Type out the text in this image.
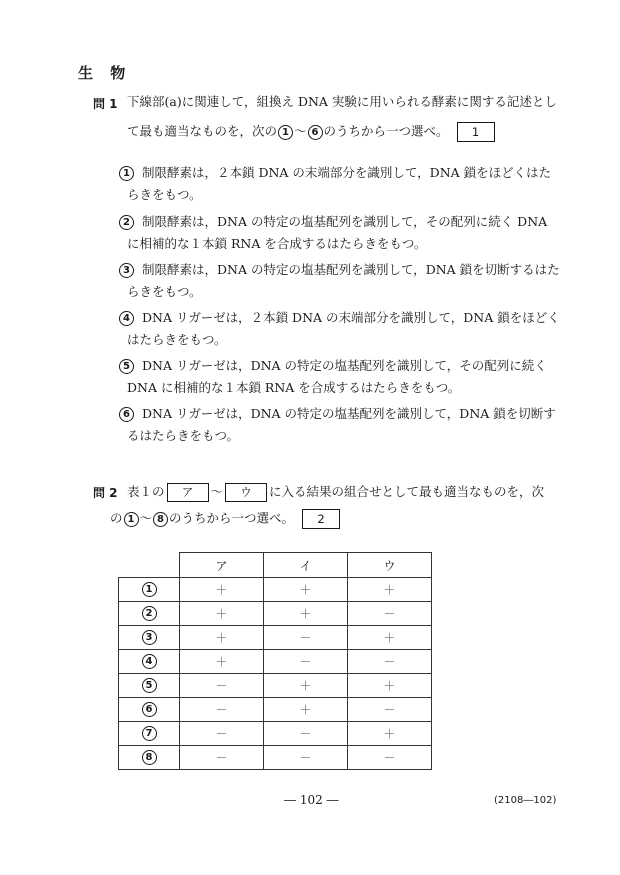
生 物
問 1 下線部(a)に関連して，組換え DNA 実験に用いられる酵素に関する記述とし
て最も適当なものを，次の 1 〜 6 のうちから一つ選べ。 1
1 制限酵素は，２本鎖 DNA の末端部分を識別して，DNA 鎖をほどくはた
らきをもつ。
2 制限酵素は，DNA の特定の塩基配列を識別して，その配列に続く DNA
に相補的な１本鎖 RNA を合成するはたらきをもつ。
3 制限酵素は，DNA の特定の塩基配列を識別して，DNA 鎖を切断するはた
らきをもつ。
4 DNA リガーゼは，２本鎖 DNA の末端部分を識別して，DNA 鎖をほどく
はたらきをもつ。
5 DNA リガーゼは，DNA の特定の塩基配列を識別して，その配列に続く
DNA に相補的な１本鎖 RNA を合成するはたらきをもつ。
6 DNA リガーゼは，DNA の特定の塩基配列を識別して，DNA 鎖を切断す
るはたらきをもつ。
問 2 表１の ア 〜 ウ に入る結果の組合せとして最も適当なものを，次
の 1 〜 8 のうちから一つ選べ。 2
	ア	イ	ウ
1	＋	＋	＋
2	＋	＋	－
3	＋	－	＋
4	＋	－	－
5	－	＋	＋
6	－	＋	－
7	－	－	＋
8	－	－	－
― 102 ―	(2108―102)
